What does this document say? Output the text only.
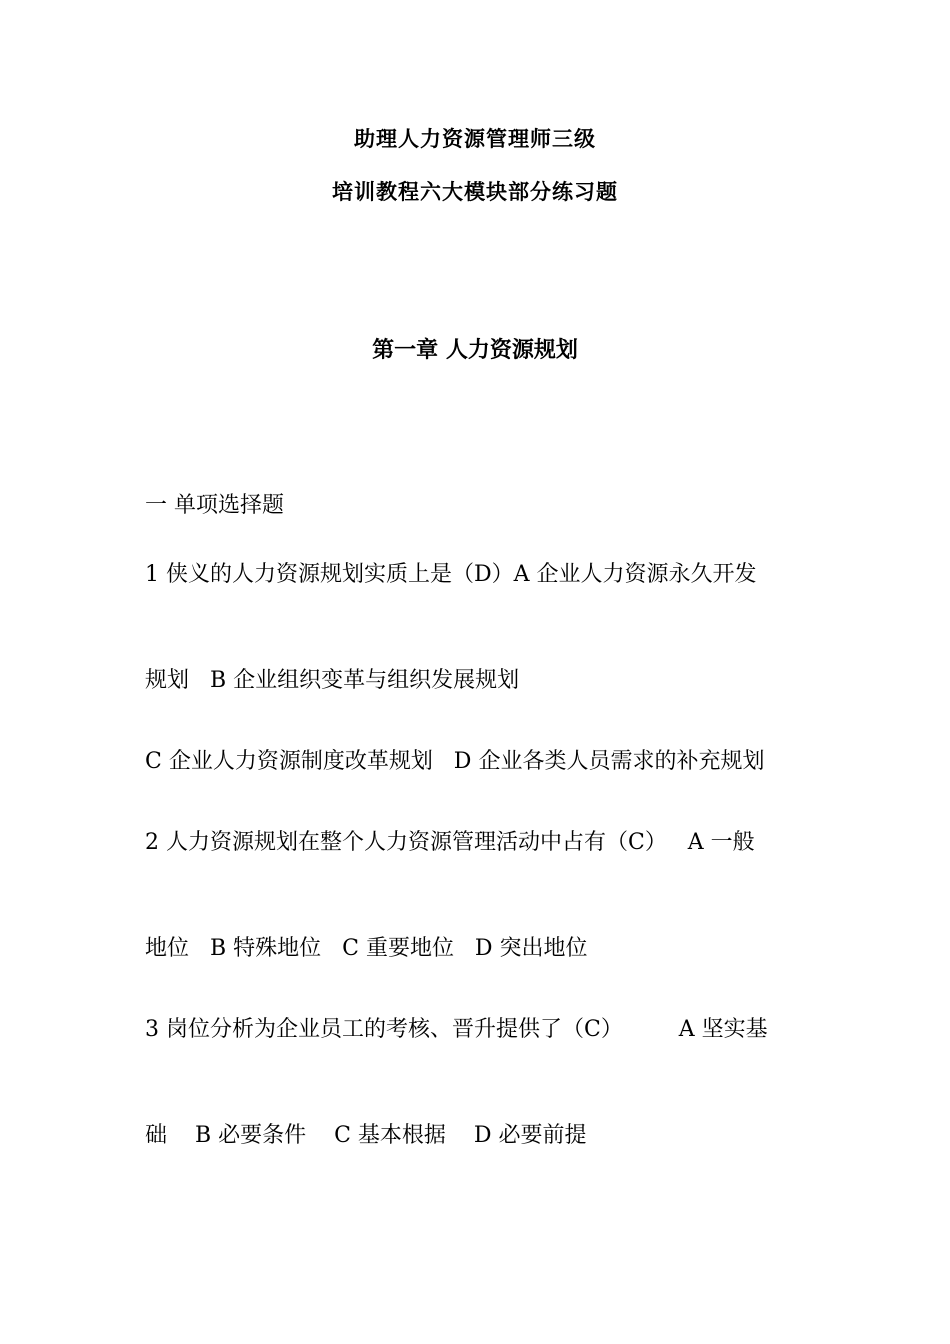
助理人力资源管理师三级
培训教程六大模块部分练习题
第一章 人力资源规划

一 单项选择题

1 侠义的人力资源规划实质上是（D）A 企业人力资源永久开发

规划   B 企业组织变革与组织发展规划

C 企业人力资源制度改革规划   D 企业各类人员需求的补充规划

2 人力资源规划在整个人力资源管理活动中占有（C）   A 一般

地位   B 特殊地位   C 重要地位   D 突出地位

3 岗位分析为企业员工的考核、晋升提供了（C）        A 坚实基

础    B 必要条件    C 基本根据    D 必要前提
